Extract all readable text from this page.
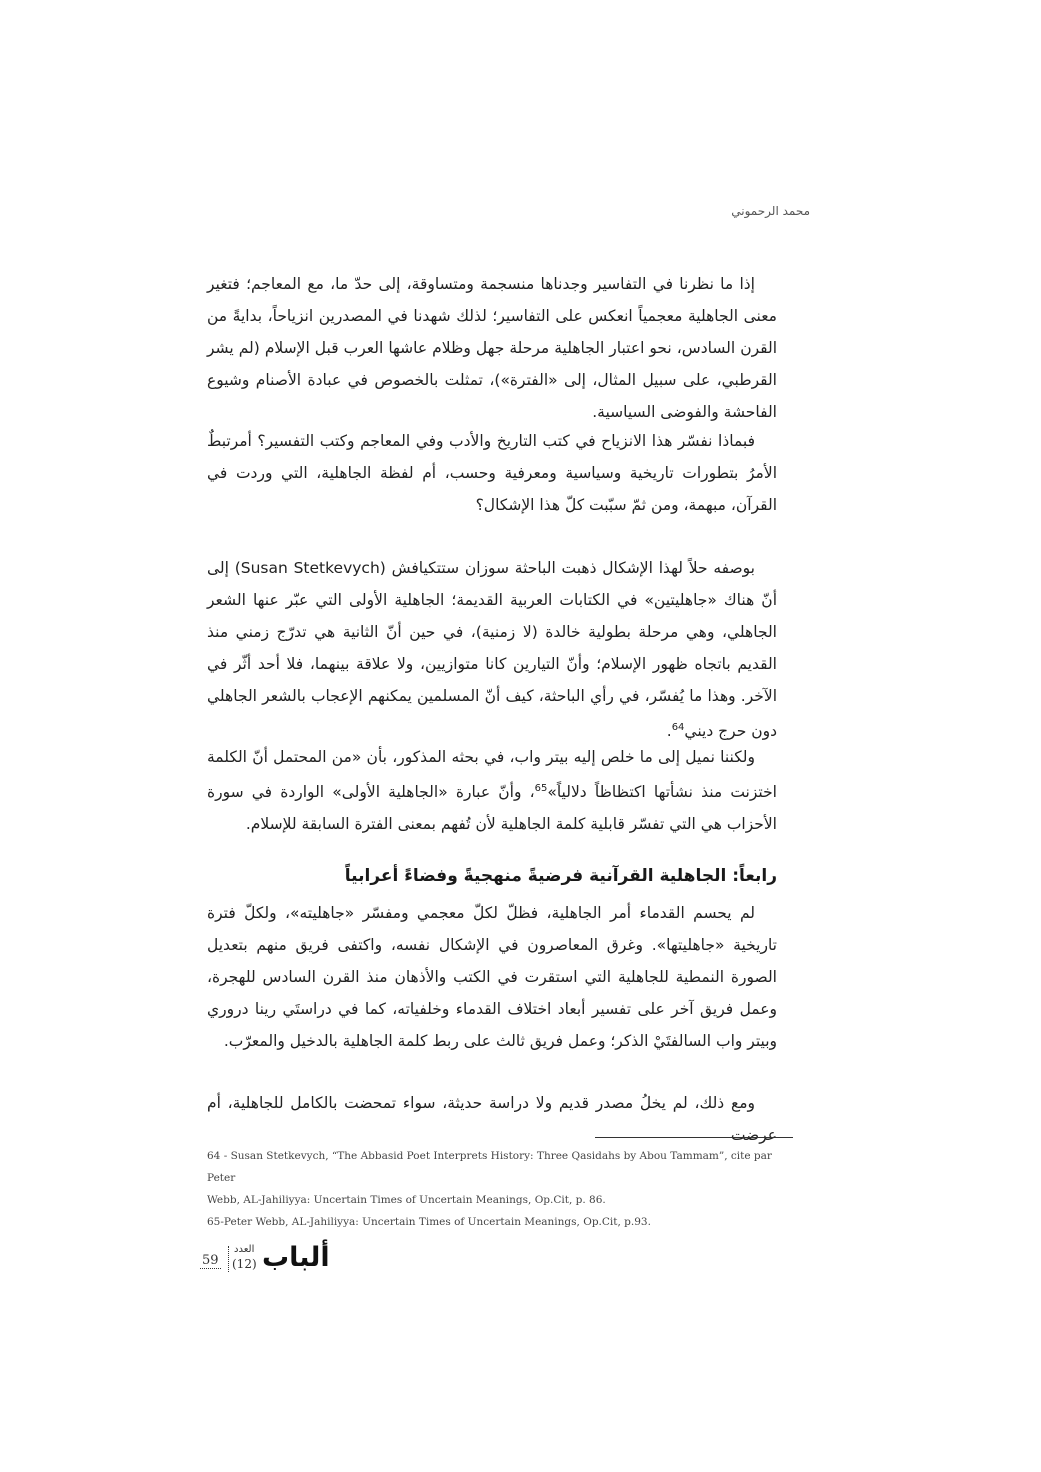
محمد الرحموني

إذا ما نظرنا في التفاسير وجدناها منسجمة ومتساوقة، إلى حدّ ما، مع المعاجم؛ فتغير معنى الجاهلية معجمياً انعكس على التفاسير؛ لذلك شهدنا في المصدرين انزياحاً، بدايةً من القرن السادس، نحو اعتبار الجاهلية مرحلة جهل وظلام عاشها العرب قبل الإسلام (لم يشر القرطبي، على سبيل المثال، إلى «الفترة»)، تمثلت بالخصوص في عبادة الأصنام وشيوع الفاحشة والفوضى السياسية.

فبماذا نفسّر هذا الانزياح في كتب التاريخ والأدب وفي المعاجم وكتب التفسير؟ أمرتبطٌ الأمرُ بتطورات تاريخية وسياسية ومعرفية وحسب، أم لفظة الجاهلية، التي وردت في القرآن، مبهمة، ومن ثمّ سبّبت كلّ هذا الإشكال؟

بوصفه حلاً لهذا الإشكال ذهبت الباحثة سوزان ستتكيافش (Susan Stetkevych) إلى أنّ هناك «جاهليتين» في الكتابات العربية القديمة؛ الجاهلية الأولى التي عبّر عنها الشعر الجاهلي، وهي مرحلة بطولية خالدة (لا زمنية)، في حين أنّ الثانية هي تدرّج زمني منذ القديم باتجاه ظهور الإسلام؛ وأنّ التيارين كانا متوازيين، ولا علاقة بينهما، فلا أحد أثّر في الآخر. وهذا ما يُفسّر، في رأي الباحثة، كيف أنّ المسلمين يمكنهم الإعجاب بالشعر الجاهلي دون حرج ديني$^{64}$.

ولكننا نميل إلى ما خلص إليه بيتر واب، في بحثه المذكور، بأن «من المحتمل أنّ الكلمة اختزنت منذ نشأتها اكتظاظاً دلالياً»$^{65}$، وأنّ عبارة «الجاهلية الأولى» الواردة في سورة الأحزاب هي التي تفسّر قابلية كلمة الجاهلية لأن تُفهم بمعنى الفترة السابقة للإسلام.

رابعاً: الجاهلية القرآنية فرضيةً منهجيةً وفضاءً أعرابياً

لم يحسم القدماء أمر الجاهلية، فظلّ لكلّ معجمي ومفسّر «جاهليته»، ولكلّ فترة تاريخية «جاهليتها». وغرق المعاصرون في الإشكال نفسه، واكتفى فريق منهم بتعديل الصورة النمطية للجاهلية التي استقرت في الكتب والأذهان منذ القرن السادس للهجرة، وعمل فريق آخر على تفسير أبعاد اختلاف القدماء وخلفياته، كما في دراستَي رينا دروري وبيتر واب السالفتَيْ الذكر؛ وعمل فريق ثالث على ربط كلمة الجاهلية بالدخيل والمعرّب.

ومع ذلك، لم يخلُ مصدر قديم ولا دراسة حديثة، سواء تمحضت بالكامل للجاهلية، أم عرضت

64 - Susan Stetkevych, “The Abbasid Poet Interprets History: Three Qasidahs by Abou Tammam”, cite par Peter
Webb, AL-Jahiliyya: Uncertain Times of Uncertain Meanings, Op.Cit, p. 86.
65-Peter Webb, AL-Jahiliyya: Uncertain Times of Uncertain Meanings, Op.Cit, p.93.
59
العدد
(12) ألباب
